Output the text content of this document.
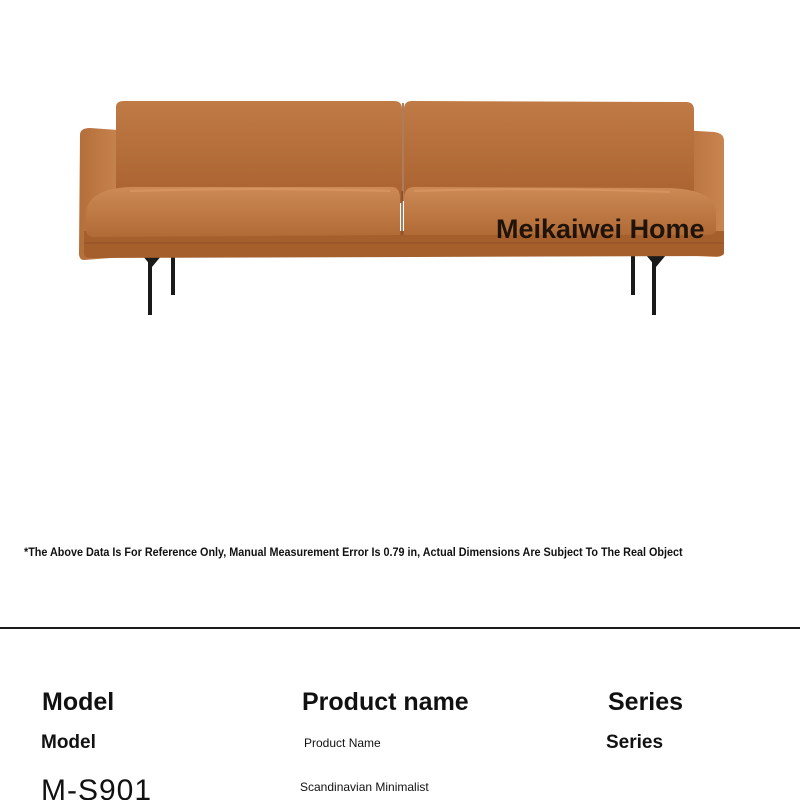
Meikaiwei Home
*The Above Data Is For Reference Only, Manual Measurement Error Is 0.79 in, Actual Dimensions Are Subject To The Real Object
Model
Model
M-S901
Product name
Product Name
Scandinavian Minimalist
Series
Series
